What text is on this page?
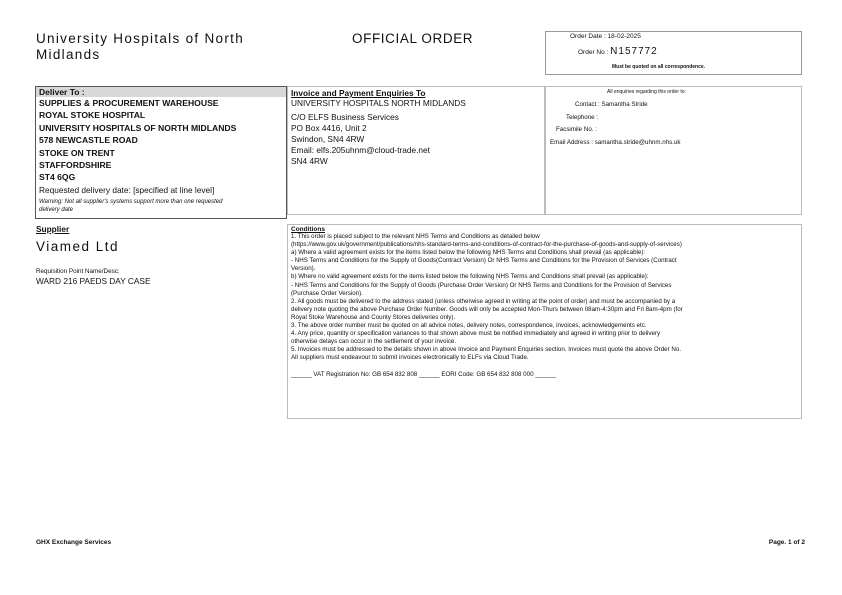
University Hospitals of North
Midlands
OFFICIAL ORDER	Order Date : 18-02-2025
Order No : N157772
Must be quoted on all correspondence.
Deliver To :
SUPPLIES & PROCUREMENT WAREHOUSE
ROYAL STOKE HOSPITAL
UNIVERSITY HOSPITALS OF NORTH MIDLANDS
578 NEWCASTLE ROAD
STOKE ON TRENT
STAFFORDSHIRE
ST4 6QG
Requested delivery date: [specified at line level]
Warning: Not all supplier's systems support more than one requested
delivery date
Invoice and Payment Enquiries To
UNIVERSITY HOSPITALS NORTH MIDLANDS
C/O ELFS Business Services
PO Box 4416, Unit 2
Swindon, SN4 4RW
Email: elfs.205uhnm@cloud-trade.net
SN4 4RW
All enquiries regarding this order to:
Contact : Samantha Stride
Telephone :
Facsimile No. :
Email Address : samantha.stride@uhnm.nhs.uk
Supplier
Viamed Ltd
Requisition Point Name/Desc:
WARD 216 PAEDS DAY CASE
Conditions
1. This order is placed subject to the relevant NHS Terms and Conditions as detailed below
(https://www.gov.uk/government/publications/nhs-standard-terms-and-conditions-of-contract-for-the-purchase-of-goods-and-supply-of-services)
a) Where a valid agreement exists for the items listed below the following NHS Terms and Conditions shall prevail (as applicable):
- NHS Terms and Conditions for the Supply of Goods(Contract Version) Or NHS Terms and Conditions for the Provision of Services (Contract
Version).
b) Where no valid agreement exists for the items listed below the following NHS Terms and Conditions shall prevail (as applicable):
- NHS Terms and Conditions for the Supply of Goods (Purchase Order Version) Or NHS Terms and Conditions for the Provision of Services
(Purchase Order Version).
2. All goods must be delivered to the address stated (unless otherwise agreed in writing at the point of order) and must be accompanied by a
delivery note quoting the above Purchase Order Number. Goods will only be accepted Mon-Thurs between 08am-4:30pm and Fri 8am-4pm (for
Royal Stoke Warehouse and County Stores deliveries only).
3. The above order number must be quoted on all advice notes, delivery notes, correspondence, invoices, acknowledgements etc.
4. Any price, quantity or specification variances to that shown above must be notified immediately and agreed in writing prior to delivery
otherwise delays can occur in the settlement of your invoice.
5. Invoices must be addressed to the details shown in above Invoice and Payment Enquiries section. Invoices must quote the above Order No.
All suppliers must endeavour to submit invoices electronically to ELFs via Cloud Trade.
______ VAT Registration No: GB 654 832 808 ______ EORI Code: GB 654 832 808 000 ______
GHX Exchange Services	Page. 1 of 2
